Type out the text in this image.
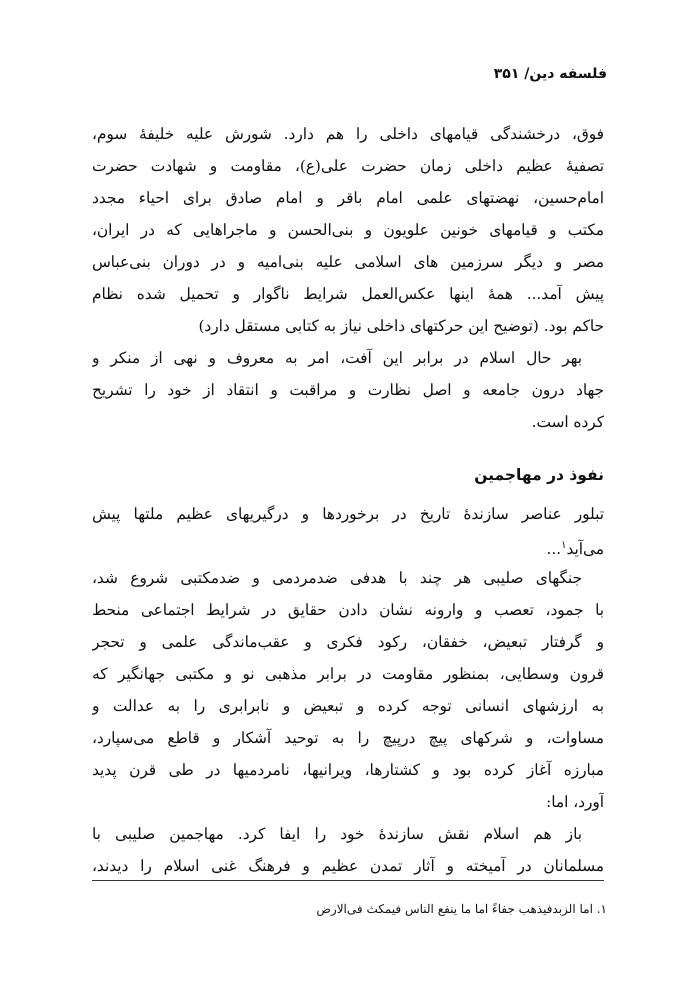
فلسفه دین/ ۳۵۱
فوق، درخشندگی قیامهای داخلی را هم دارد. شورش علیه خلیفهٔ سوم،
تصفیهٔ عظیم داخلی زمان حضرت علی(ع)، مقاومت و شهادت حضرت
امام‌حسین، نهضتهای علمی امام باقر و امام صادق برای احیاء مجدد
مکتب و قیامهای خونین علویون و بنی‌الحسن و ماجراهایی که در ایران،
مصر و دیگر سرزمین های اسلامی علیه بنی‌امیه و در دوران بنی‌عباس
پیش آمد... همهٔ اینها عکس‌العمل شرایط ناگوار و تحمیل شده نظام
حاکم بود. (توضیح این حرکتهای داخلی نیاز به کتابی مستقل دارد)
بهر حال اسلام در برابر این آفت، امر به معروف و نهی از منکر و
جهاد درون جامعه و اصل نظارت و مراقبت و انتقاد از خود را تشریح
کرده است.
نفوذ در مهاجمین
تبلور عناصر سازندهٔ تاریخ در برخوردها و درگیریهای عظیم ملتها پیش
می‌آید$^۱$...
جنگهای صلیبی هر چند با هدفی ضدمردمی و ضدمکتبی شروع شد،
با جمود، تعصب و وارونه نشان دادن حقایق در شرایط اجتماعی منحط
و گرفتار تبعیض، خفقان، رکود فکری و عقب‌ماندگی علمی و تحجر
قرون وسطایی، بمنظور مقاومت در برابر مذهبی نو و مکتبی جهانگیر که
به ارزشهای انسانی توجه کرده و تبعیض و نابرابری را به عدالت و
مساوات، و شرکهای پیچ درپیچ را به توحید آشکار و قاطع می‌سپارد،
مبارزه آغاز کرده بود و کشتارها، ویرانیها، نامردمیها در طی قرن پدید
آورد، اما:
باز هم اسلام نقش سازندهٔ خود را ایفا کرد. مهاجمین صلیبی با
مسلمانان در آمیخته و آثار تمدن عظیم و فرهنگ غنی اسلام را دیدند،
۱. اما الزبدفیذهب جفاءً اما ما ینفع الناس فیمکث فی‌الارض
